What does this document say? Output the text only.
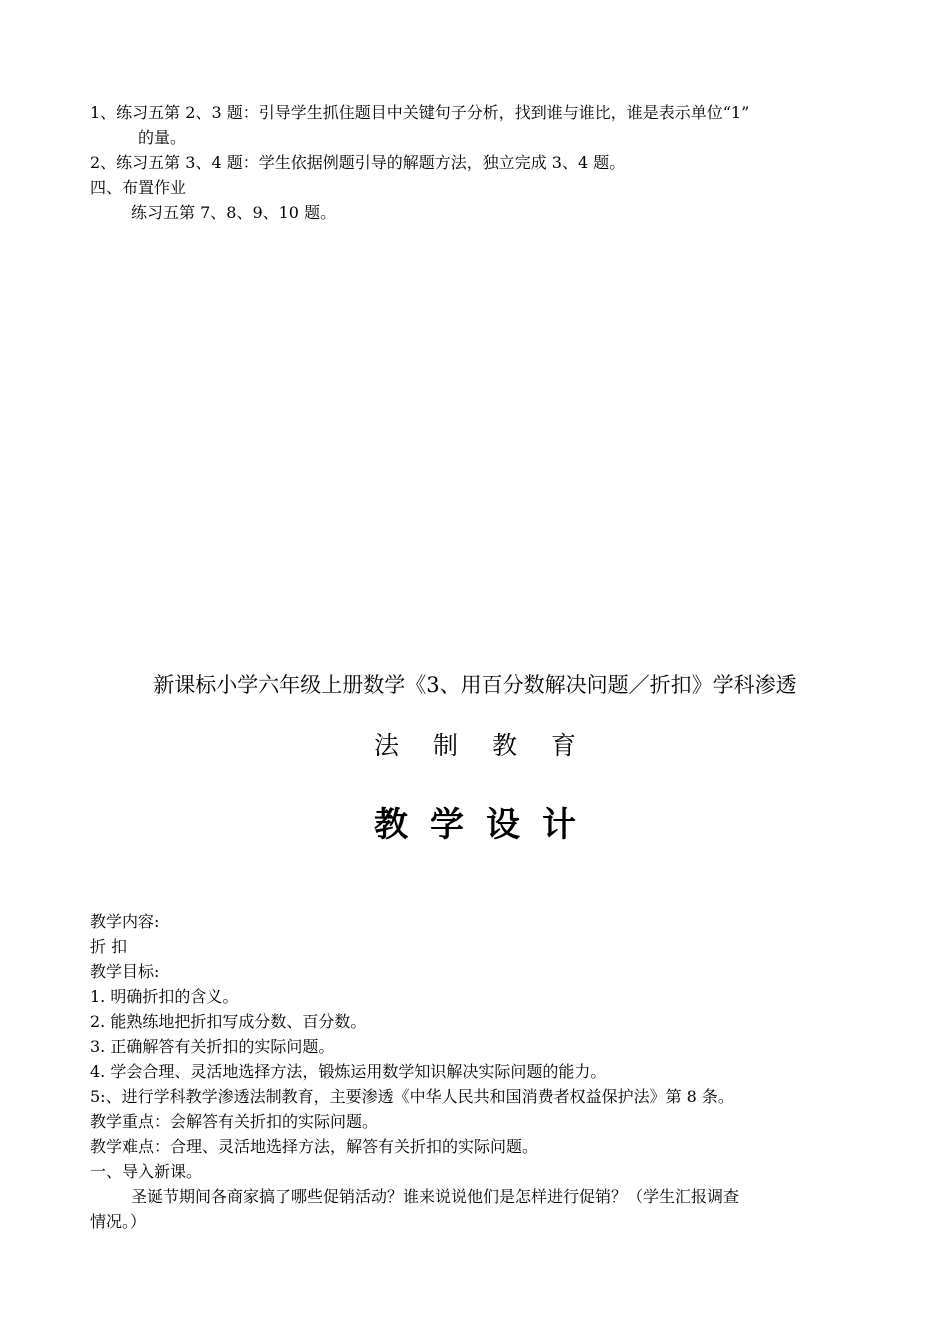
1、练习五第 2、3 题：引导学生抓住题目中关键句子分析，找到谁与谁比，谁是表示单位“1”
的量。
2、练习五第 3、4 题：学生依据例题引导的解题方法，独立完成 3、4 题。
四、布置作业
练习五第 7、8、9、10 题。
新课标小学六年级上册数学《3、用百分数解决问题／折扣》学科渗透
法制教育
教学设计
教学内容:
折 扣
教学目标:
1. 明确折扣的含义。
2. 能熟练地把折扣写成分数、百分数。
3. 正确解答有关折扣的实际问题。
4. 学会合理、灵活地选择方法，锻炼运用数学知识解决实际问题的能力。
5:、进行学科教学渗透法制教育，主要渗透《中华人民共和国消费者权益保护法》第 8 条。
教学重点：会解答有关折扣的实际问题。
教学难点：合理、灵活地选择方法，解答有关折扣的实际问题。
一、导入新课。
圣诞节期间各商家搞了哪些促销活动？谁来说说他们是怎样进行促销？（学生汇报调查
情况。）
